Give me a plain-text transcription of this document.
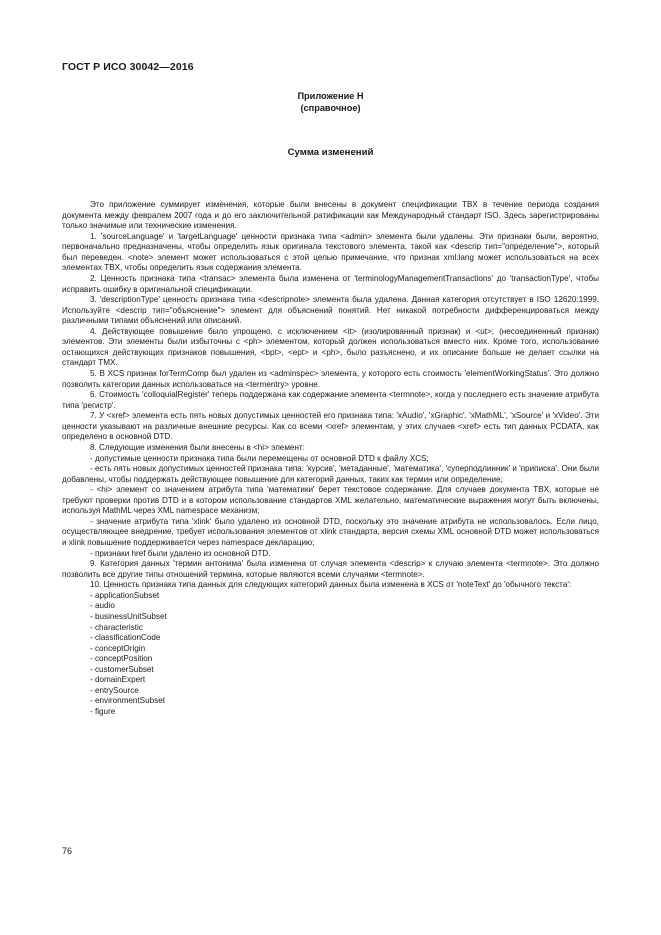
ГОСТ Р ИСО 30042—2016
Приложение H
(справочное)
Сумма изменений

Это приложение суммирует изменения, которые были внесены в документ спецификации TBX в течение периода создания документа между февралем 2007 года и до его заключительной ратификации как Международный стандарт ISO. Здесь зарегистрированы только значимые или технические изменения.

1. 'sourceLanguage' и 'targetLanguage' ценности признака типа <admin> элемента были удалены. Эти признаки были, вероятно, первоначально предназначены, чтобы определить язык оригинала текстового элемента, такой как <descrip тип="определение">, который был переведен. <note> элемент может использоваться с этой целью примечание, что признак xml:lang может использоваться на всех элементах TBX, чтобы определить язык содержания элемента.

2. Ценность признака типа <transac> элемента была изменена от 'terminologyManagementTransactions' до 'transactionType', чтобы исправить ошибку в оригинальной спецификации.

3. 'descriptionType' ценность признака типа <descripnote> элемента была удалена. Данная категория отсутствует в ISO 12620:1999. Используйте <descrip тип="объяснение"> элемент для объяснений понятий. Нет никакой потребности дифференцироваться между различными типами объяснений или описаний.

4. Действующее повышение было упрощено, с исключением <it> (изолированный признак) и <ut>; (несоединенный признак) элементов. Эти элементы были избыточны с <ph> элементом, который должен использоваться вместо них. Кроме того, использование остающихся действующих признаков повышения, <bpt>, <ept> и <ph>, было разъяснено, и их описание больше не делает ссылки на стандарт TMX.

5. В XCS признак forTermComp был удален из <adminspec> элемента, у которого есть стоимость 'elementWorkingStatus'. Это должно позволить категории данных использоваться на <termentry> уровне.

6. Стоимость 'colloquialRegister' теперь поддержана как содержание элемента <termnote>, когда у последнего есть значение атрибута типа 'регистр'.

7. У <xref> элемента есть пять новых допустимых ценностей его признака типа: 'xAudio', 'xGraphic', 'xMathML', 'xSource' и 'xVideo'. Эти ценности указывают на различные внешние ресурсы. Как со всеми <xref> элементам, у этих случаев <xref> есть тип данных PCDATA, как определено в основной DTD.

8. Следующие изменения были внесены в <hi> элемент:

- допустимые ценности признака типа были перемещены от основной DTD к файлу XCS;

- есть пять новых допустимых ценностей признака типа: 'курсив', 'метаданные', 'математика', 'суперподлинник' и 'приписка'. Они были добавлены, чтобы поддержать действующее повышение для категорий данных, таких как термин или определение;

- <hi> элемент со значением атрибута типа 'математики' берет текстовое содержание. Для случаев документа TBX, которые не требуют проверки против DTD и в котором использование стандартов XML желательно, математические выражения могут быть включены, используя MathML через XML namespace механизм;

- значение атрибута типа 'xlink' было удалено из основной DTD, поскольку это значение атрибута не использовалось. Если лицо, осуществляющее внедрение, требует использования элементов от xlink стандарта, версия схемы XML основной DTD может использоваться и xlink повышение поддерживается через namespace декларацию;

- признаки href были удалено из основной DTD.

9. Категория данных 'термин антонима' была изменена от случая элемента <descrip> к случаю элемента <termnote>. Это должно позволить все другие типы отношений термина, которые являются всеми случаями <termnote>.

10. Ценность признака типа данных для следующих категорий данных была изменена в XCS от 'noteText' до 'обычного текста':

- applicationSubset
- audio
- businessUnitSubset
- characteristic
- classificationCode
- conceptOrigin
- conceptPosition
- customerSubset
- domainExpert
- entrySource
- environmentSubset
- figure
76
